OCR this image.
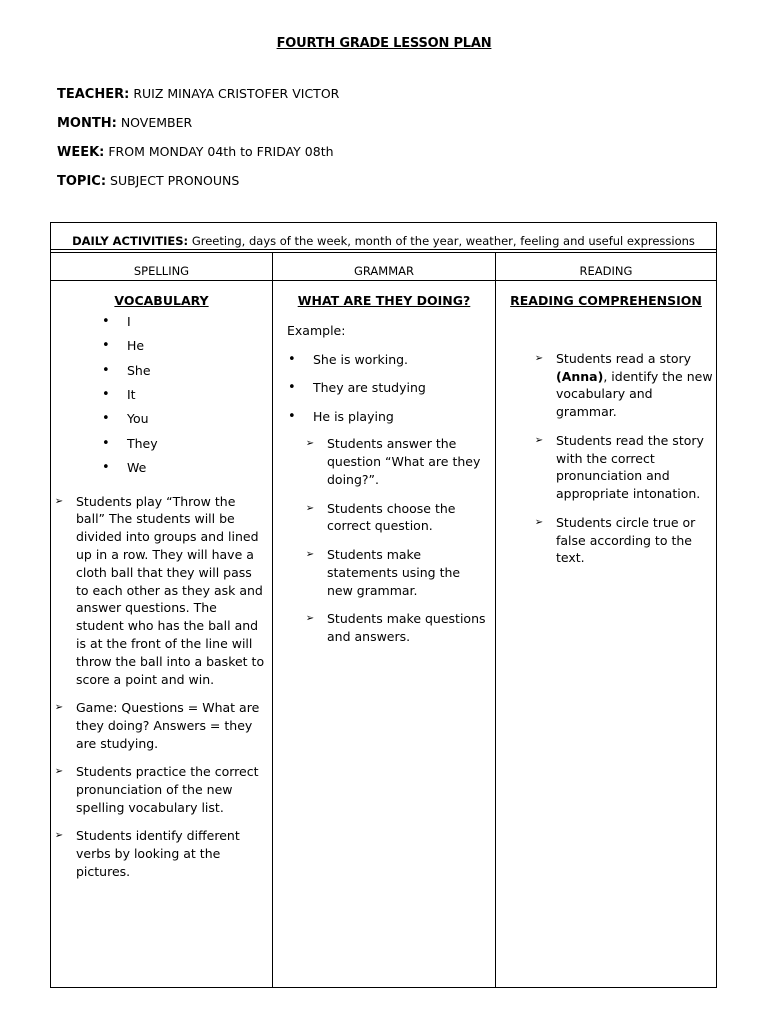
FOURTH GRADE LESSON PLAN
TEACHER: RUIZ MINAYA CRISTOFER VICTOR
MONTH: NOVEMBER
WEEK: FROM MONDAY 04th to FRIDAY 08th
TOPIC: SUBJECT PRONOUNS
DAILY ACTIVITIES: Greeting, days of the week, month of the year, weather, feeling and useful expressions
SPELLING	GRAMMAR	READING
VOCABULARY
• I
• He
• She
• It
• You
• They
• We
➢ Students play “Throw the ball” The students will be divided into groups and lined up in a row. They will have a cloth ball that they will pass to each other as they ask and answer questions. The student who has the ball and is at the front of the line will throw the ball into a basket to score a point and win.
➢ Game: Questions = What are they doing? Answers = they are studying.
➢ Students practice the correct pronunciation of the new spelling vocabulary list.
➢ Students identify different verbs by looking at the pictures.
WHAT ARE THEY DOING?
Example:
• She is working.
• They are studying
• He is playing
➢ Students answer the question “What are they doing?”.
➢ Students choose the correct question.
➢ Students make statements using the new grammar.
➢ Students make questions and answers.
READING COMPREHENSION
➢ Students read a story (Anna), identify the new vocabulary and grammar.
➢ Students read the story with the correct pronunciation and appropriate intonation.
➢ Students circle true or false according to the text.
